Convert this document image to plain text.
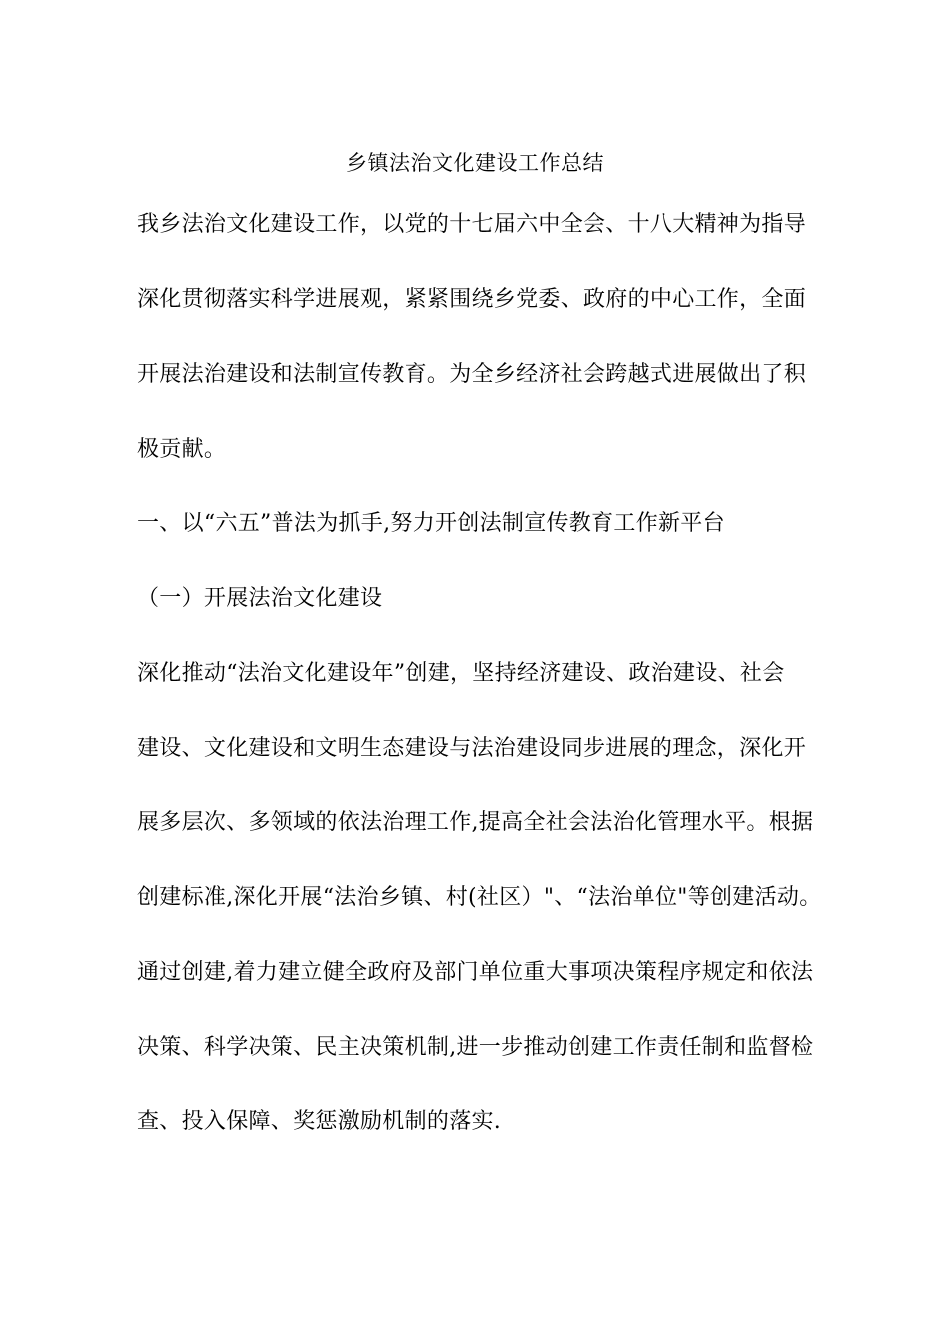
乡镇法治文化建设工作总结
我乡法治文化建设工作，以党的十七届六中全会、十八大精神为指导
深化贯彻落实科学进展观，紧紧围绕乡党委、政府的中心工作，全面
开展法治建设和法制宣传教育。为全乡经济社会跨越式进展做出了积
极贡献。
一、以“六五”普法为抓手,努力开创法制宣传教育工作新平台
（一）开展法治文化建设
深化推动“法治文化建设年”创建，坚持经济建设、政治建设、社会
建设、文化建设和文明生态建设与法治建设同步进展的理念，深化开
展多层次、多领域的依法治理工作,提高全社会法治化管理水平。根据
创建标准,深化开展“法治乡镇、村(社区）"、“法治单位"等创建活动。
通过创建,着力建立健全政府及部门单位重大事项决策程序规定和依法
决策、科学决策、民主决策机制,进一步推动创建工作责任制和监督检
查、投入保障、奖惩激励机制的落实.
